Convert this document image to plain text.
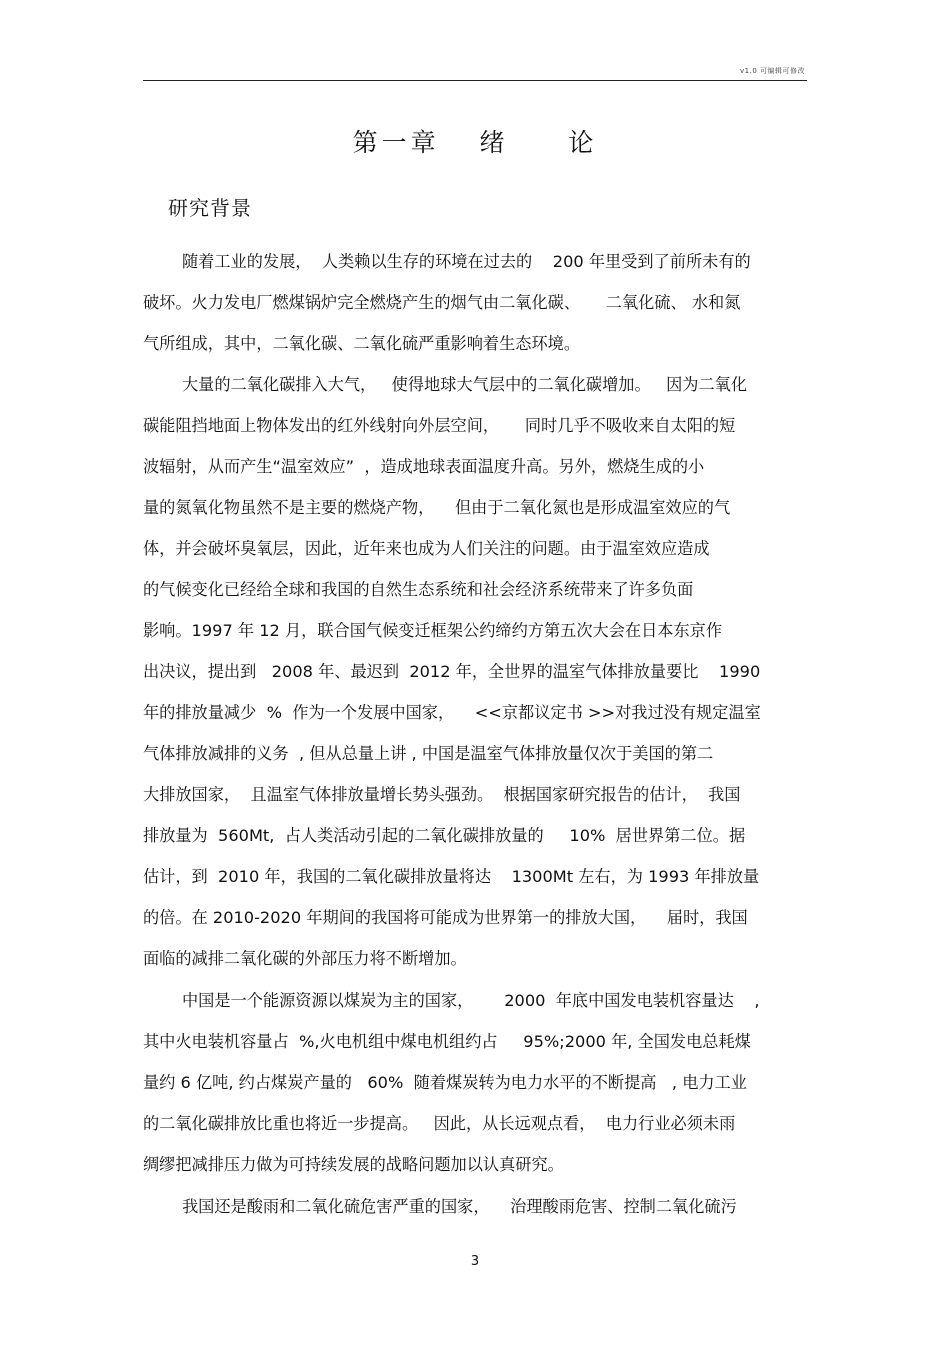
v1.0 可编辑可修改
第一章  绪   论
研究背景
随着工业的发展，  人类赖以生存的环境在过去的    200 年里受到了前所未有的
破坏。火力发电厂燃煤锅炉完全燃烧产生的烟气由二氧化碳、     二氧化硫、 水和氮
气所组成，其中，二氧化碳、二氧化硫严重影响着生态环境。
大量的二氧化碳排入大气，   使得地球大气层中的二氧化碳增加。   因为二氧化
碳能阻挡地面上物体发出的红外线射向外层空间，     同时几乎不吸收来自太阳的短
波辐射，从而产生“温室效应”  ，造成地球表面温度升高。另外，燃烧生成的小
量的氮氧化物虽然不是主要的燃烧产物，    但由于二氧化氮也是形成温室效应的气
体，并会破坏臭氧层，因此，近年来也成为人们关注的问题。由于温室效应造成
的气候变化已经给全球和我国的自然生态系统和社会经济系统带来了许多负面
影响。1997 年 12 月，联合国气候变迁框架公约缔约方第五次大会在日本东京作
出决议，提出到   2008 年、最迟到  2012 年，全世界的温室气体排放量要比    1990
年的排放量减少  %  作为一个发展中国家，    <<京都议定书 >>对我过没有规定温室
气体排放减排的义务  , 但从总量上讲 , 中国是温室气体排放量仅次于美国的第二
大排放国家，  且温室气体排放量增长势头强劲。  根据国家研究报告的估计，  我国
排放量为  560Mt,  占人类活动引起的二氧化碳排放量的     10%  居世界第二位。据
估计，到  2010 年，我国的二氧化碳排放量将达    1300Mt 左右，为 1993 年排放量
的倍。在 2010-2020 年期间的我国将可能成为世界第一的排放大国，    届时，我国
面临的减排二氧化碳的外部压力将不断增加。
中国是一个能源资源以煤炭为主的国家，      2000  年底中国发电装机容量达    ,
其中火电装机容量占  %,火电机组中煤电机组约占     95%;2000 年, 全国发电总耗煤
量约 6 亿吨, 约占煤炭产量的   60%  随着煤炭转为电力水平的不断提高   , 电力工业
的二氧化碳排放比重也将近一步提高。   因此，从长远观点看，  电力行业必须未雨
绸缪把减排压力做为可持续发展的战略问题加以认真研究。
我国还是酸雨和二氧化硫危害严重的国家，    治理酸雨危害、控制二氧化硫污
3
